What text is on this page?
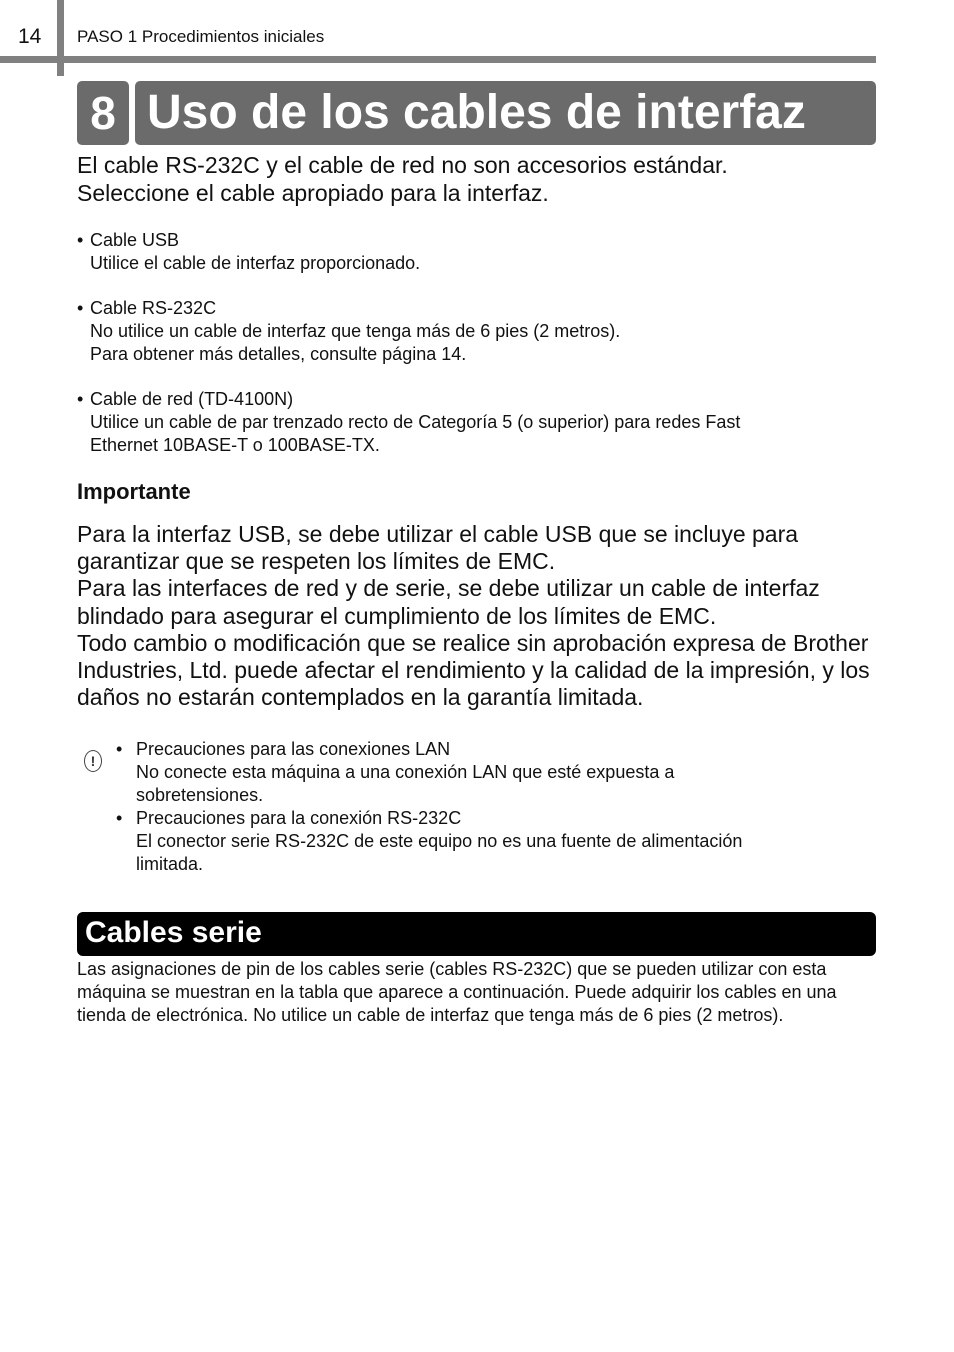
14 PASO 1 Procedimientos iniciales
8 Uso de los cables de interfaz

El cable RS-232C y el cable de red no son accesorios estándar.

Seleccione el cable apropiado para la interfaz.

• Cable USB
Utilice el cable de interfaz proporcionado.
• Cable RS-232C
No utilice un cable de interfaz que tenga más de 6 pies (2 metros).
Para obtener más detalles, consulte página 14.
• Cable de red (TD-4100N)
Utilice un cable de par trenzado recto de Categoría 5 (o superior) para redes Fast
Ethernet 10BASE-T o 100BASE-TX.
Importante

Para la interfaz USB, se debe utilizar el cable USB que se incluye para garantizar que se respeten los límites de EMC.

Para las interfaces de red y de serie, se debe utilizar un cable de interfaz blindado para asegurar el cumplimiento de los límites de EMC.

Todo cambio o modificación que se realice sin aprobación expresa de Brother Industries, Ltd. puede afectar el rendimiento y la calidad de la impresión, y los daños no estarán contemplados en la garantía limitada.

!
• Precauciones para las conexiones LAN
No conecte esta máquina a una conexión LAN que esté expuesta a
sobretensiones.
• Precauciones para la conexión RS-232C
El conector serie RS-232C de este equipo no es una fuente de alimentación
limitada.
Cables serie
Las asignaciones de pin de los cables serie (cables RS-232C) que se pueden utilizar con esta máquina se muestran en la tabla que aparece a continuación. Puede adquirir los cables en una tienda de electrónica. No utilice un cable de interfaz que tenga más de 6 pies (2 metros).
